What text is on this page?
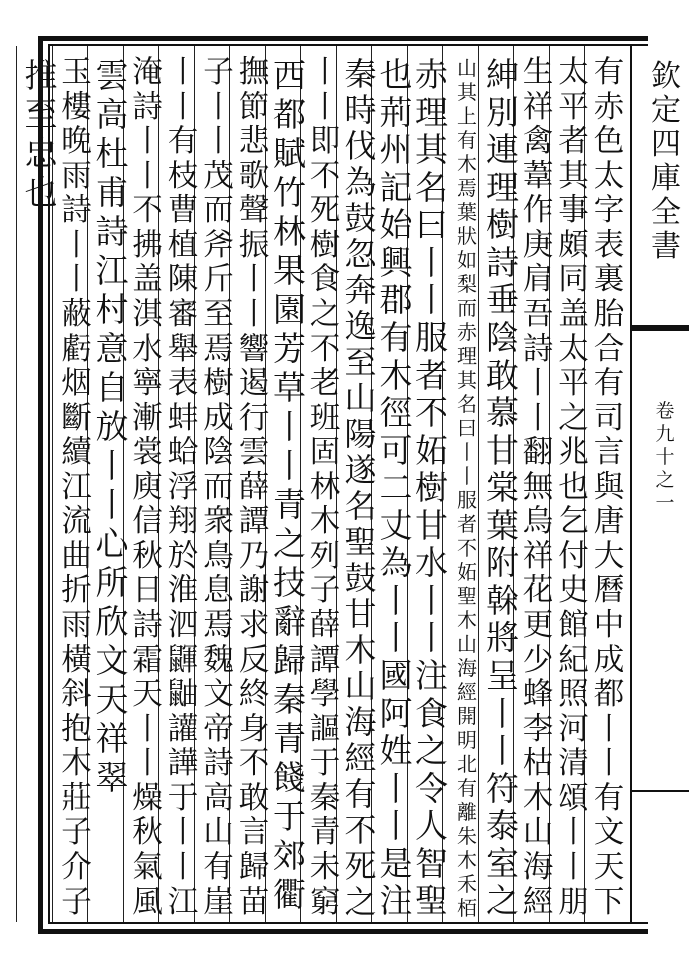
欽
定
四
庫
全
書
卷
九
十
之
一
有
赤
色
太
字
表
裏
胎
合
有
司
言
與
唐
大
曆
中
成
都
丨
丨
有
文
天
下
太
平
者
其
事
頗
同
盖
太
平
之
兆
也
乞
付
史
館
紀
照
河
清
頌
丨
丨
朋
生
祥
禽
葦
作
庚
肩
吾
詩
丨
丨
翻
無
烏
祥
花
更
少
蜂
李
枯
木
山
海
經
紳
別
連
理
樹
詩
垂
陰
敢
慕
甘
棠
葉
附
榦
將
呈
丨
丨
符
泰
室
之
山
其
上
有
木
焉
葉
狀
如
梨
而
赤
理
其
名
曰
丨
丨
服
者
不
妬
聖
木
山
海
經
開
明
北
有
離
朱
木
禾
栢
赤
理
其
名
曰
丨
丨
服
者
不
妬
樹
甘
水
丨
丨
注
食
之
令
人
智
聖
也
荊
州
記
始
興
郡
有
木
徑
可
二
丈
為
丨
丨
國
阿
姓
丨
丨
是
注
秦
時
伐
為
鼓
忽
奔
逸
至
山
陽
遂
名
聖
鼓
甘
木
山
海
經
有
不
死
之
丨
丨
即
不
死
樹
食
之
不
老
班
固
林
木
列
子
薛
譚
學
謳
于
秦
青
未
窮
西
都
賦
竹
林
果
園
芳
草
丨
丨
青
之
技
辭
歸
秦
青
餞
于
郊
衢
撫
節
悲
歌
聲
振
丨
丨
響
遏
行
雲
薛
譚
乃
謝
求
反
終
身
不
敢
言
歸
苗
子
丨
丨
茂
而
斧
斤
至
焉
樹
成
陰
而
衆
鳥
息
焉
魏
文
帝
詩
高
山
有
崖
丨
丨
有
枝
曹
植
陳
審
舉
表
蚌
蛤
浮
翔
於
淮
泗
鼲
鼬
讙
譁
于
丨
丨
江
淹
詩
丨
丨
不
拂
盖
淇
水
寧
漸
裳
庾
信
秋
日
詩
霜
天
丨
丨
燥
秋
氣
風
雲
高
杜
甫
詩
江
村
意
自
放
丨
丨
心
所
欣
文
天
祥
翠
玉
樓
晚
雨
詩
丨
丨
蔽
虧
烟
斷
續
江
流
曲
折
雨
橫
斜
抱
木
莊
子
介
子
推
至
忠
也
